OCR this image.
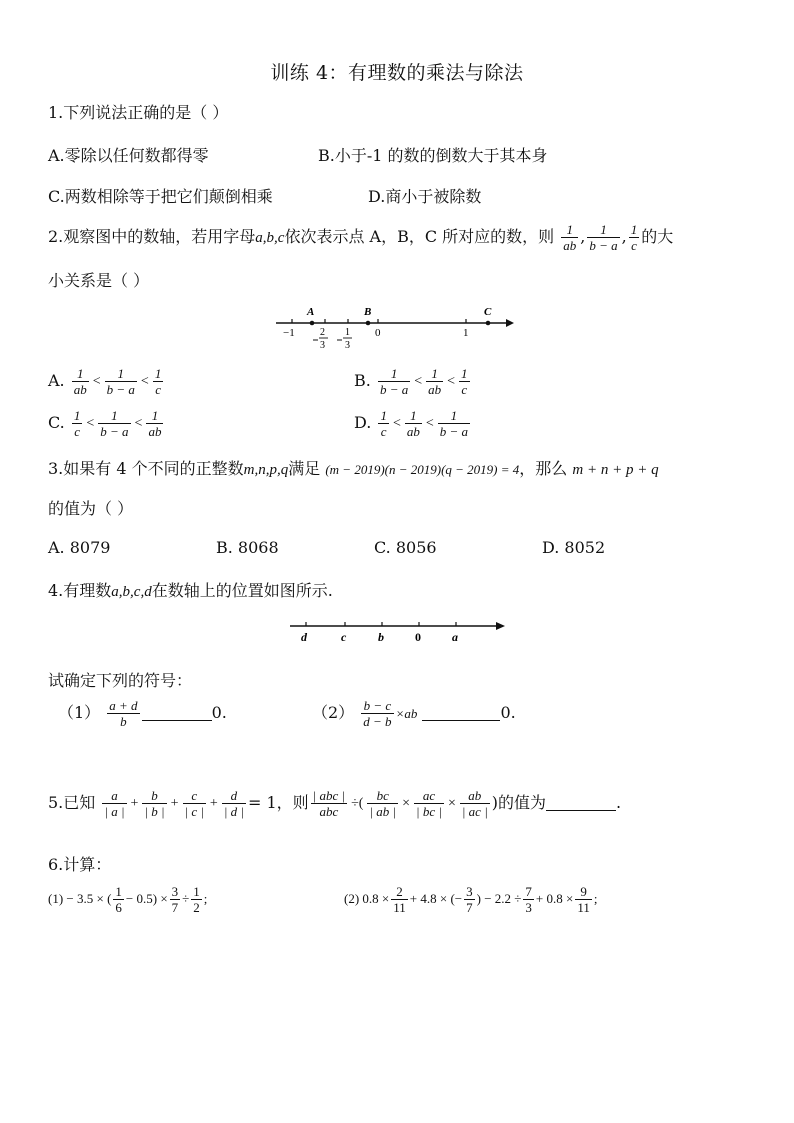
训练 4：有理数的乘法与除法
1.下列说法正确的是（ ）
A.零除以任何数都得零	B.小于-1 的数的倒数大于其本身
C.两数相除等于把它们颠倒相乘	D.商小于被除数
2.观察图中的数轴，若用字母a,b,c依次表示点 A，B，C 所对应的数，则 $\frac{1}{ab}$ , $\frac{1}{b - a}$ , $\frac{1}{c}$ 的大
小关系是（ ）
A	B	C
−1	0	1
2
3
1
3
A. $\frac{1}{ab} < \frac{1}{b - a} < \frac{1}{c}$	B. $\frac{1}{b - a} < \frac{1}{ab} < \frac{1}{c}$
C. $\frac{1}{c} < \frac{1}{b - a} < \frac{1}{ab}$	D. $\frac{1}{c} < \frac{1}{ab} < \frac{1}{b - a}$
3.如果有 4 个不同的正整数m,n,p,q满足 (m − 2019)(n − 2019)(q − 2019) = 4，那么 m + n + p + q
的值为（ ）
A. 8079	B. 8068	C. 8056	D. 8052
4.有理数a,b,c,d在数轴上的位置如图所示.
d	c	b	0	a
试确定下列的符号：
$(1) \frac{a + d}{b}$	0.	$(2) \frac{b - c}{d - b} \times ab$	0.
5.已知 $\frac{a}{| a |} + \frac{b}{| b |} + \frac{c}{| c |} + \frac{d}{| d |} = 1$，则 $\frac{\text{| abc |}}{\text{abc}}$ ÷( $\frac{bc}{| ab |} \times \frac{ac}{| bc |} \times \frac{ab}{| ac |}$ )的值为	.
6.计算：
(1) − 3.5 × ( $\frac{1}{6} - 0.5) \times \frac{3}{7} \div \frac{1}{2}$ ;	(2) $0.8 \times \frac{2}{11} + 4.8$ × (− $\frac{3}{7}$ ) − $2.2 \div \frac{7}{3} + 0.8 \times \frac{9}{11}$ ;
